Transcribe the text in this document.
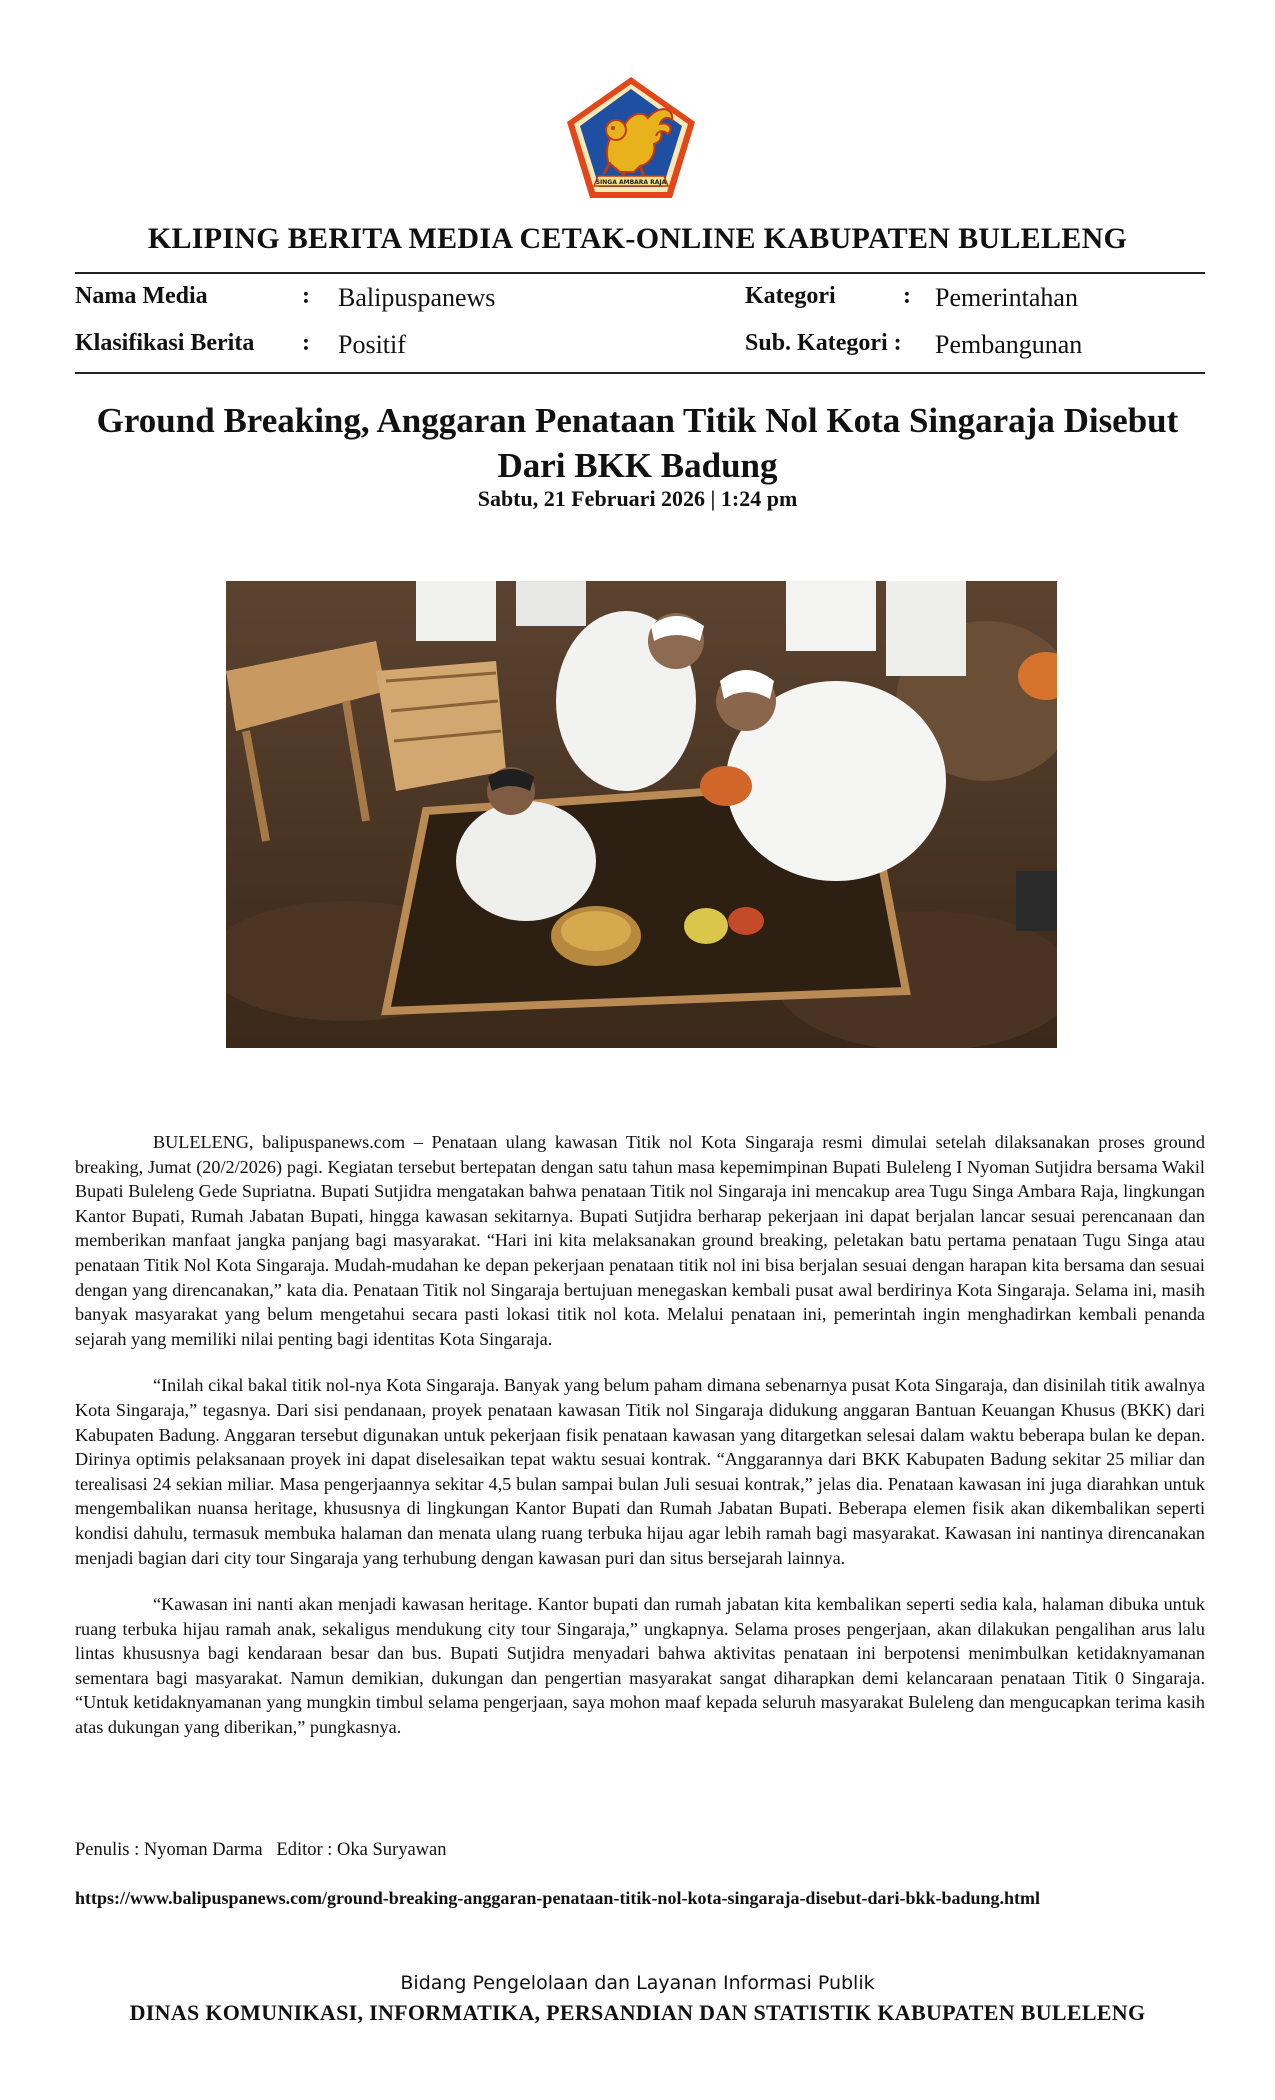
SINGA AMBARA RAJA
KLIPING BERITA MEDIA CETAK-ONLINE KABUPATEN BULELENG
Nama Media	: Balipuspanews	Kategori	: Pemerintahan
Klasifikasi Berita : Positif	Sub. Kategori : Pembangunan
Ground Breaking, Anggaran Penataan Titik Nol Kota Singaraja Disebut Dari BKK Badung
Sabtu, 21 Februari 2026 | 1:24 pm

BULELENG, balipuspanews.com – Penataan ulang kawasan Titik nol Kota Singaraja resmi dimulai setelah dilaksanakan proses ground breaking, Jumat (20/2/2026) pagi. Kegiatan tersebut bertepatan dengan satu tahun masa kepemimpinan Bupati Buleleng I Nyoman Sutjidra bersama Wakil Bupati Buleleng Gede Supriatna. Bupati Sutjidra mengatakan bahwa penataan Titik nol Singaraja ini mencakup area Tugu Singa Ambara Raja, lingkungan Kantor Bupati, Rumah Jabatan Bupati, hingga kawasan sekitarnya. Bupati Sutjidra berharap pekerjaan ini dapat berjalan lancar sesuai perencanaan dan memberikan manfaat jangka panjang bagi masyarakat. “Hari ini kita melaksanakan ground breaking, peletakan batu pertama penataan Tugu Singa atau penataan Titik Nol Kota Singaraja. Mudah-mudahan ke depan pekerjaan penataan titik nol ini bisa berjalan sesuai dengan harapan kita bersama dan sesuai dengan yang direncanakan,” kata dia. Penataan Titik nol Singaraja bertujuan menegaskan kembali pusat awal berdirinya Kota Singaraja. Selama ini, masih banyak masyarakat yang belum mengetahui secara pasti lokasi titik nol kota. Melalui penataan ini, pemerintah ingin menghadirkan kembali penanda sejarah yang memiliki nilai penting bagi identitas Kota Singaraja.

“Inilah cikal bakal titik nol-nya Kota Singaraja. Banyak yang belum paham dimana sebenarnya pusat Kota Singaraja, dan disinilah titik awalnya Kota Singaraja,” tegasnya. Dari sisi pendanaan, proyek penataan kawasan Titik nol Singaraja didukung anggaran Bantuan Keuangan Khusus (BKK) dari Kabupaten Badung. Anggaran tersebut digunakan untuk pekerjaan fisik penataan kawasan yang ditargetkan selesai dalam waktu beberapa bulan ke depan. Dirinya optimis pelaksanaan proyek ini dapat diselesaikan tepat waktu sesuai kontrak. “Anggarannya dari BKK Kabupaten Badung sekitar 25 miliar dan terealisasi 24 sekian miliar. Masa pengerjaannya sekitar 4,5 bulan sampai bulan Juli sesuai kontrak,” jelas dia. Penataan kawasan ini juga diarahkan untuk mengembalikan nuansa heritage, khususnya di lingkungan Kantor Bupati dan Rumah Jabatan Bupati. Beberapa elemen fisik akan dikembalikan seperti kondisi dahulu, termasuk membuka halaman dan menata ulang ruang terbuka hijau agar lebih ramah bagi masyarakat. Kawasan ini nantinya direncanakan menjadi bagian dari city tour Singaraja yang terhubung dengan kawasan puri dan situs bersejarah lainnya.

“Kawasan ini nanti akan menjadi kawasan heritage. Kantor bupati dan rumah jabatan kita kembalikan seperti sedia kala, halaman dibuka untuk ruang terbuka hijau ramah anak, sekaligus mendukung city tour Singaraja,” ungkapnya. Selama proses pengerjaan, akan dilakukan pengalihan arus lalu lintas khususnya bagi kendaraan besar dan bus. Bupati Sutjidra menyadari bahwa aktivitas penataan ini berpotensi menimbulkan ketidaknyamanan sementara bagi masyarakat. Namun demikian, dukungan dan pengertian masyarakat sangat diharapkan demi kelancaraan penataan Titik 0 Singaraja. “Untuk ketidaknyamanan yang mungkin timbul selama pengerjaan, saya mohon maaf kepada seluruh masyarakat Buleleng dan mengucapkan terima kasih atas dukungan yang diberikan,” pungkasnya.

Penulis : Nyoman Darma   Editor : Oka Suryawan
https://www.balipuspanews.com/ground-breaking-anggaran-penataan-titik-nol-kota-singaraja-disebut-dari-bkk-badung.html
Bidang Pengelolaan dan Layanan Informasi Publik
DINAS KOMUNIKASI, INFORMATIKA, PERSANDIAN DAN STATISTIK KABUPATEN BULELENG
